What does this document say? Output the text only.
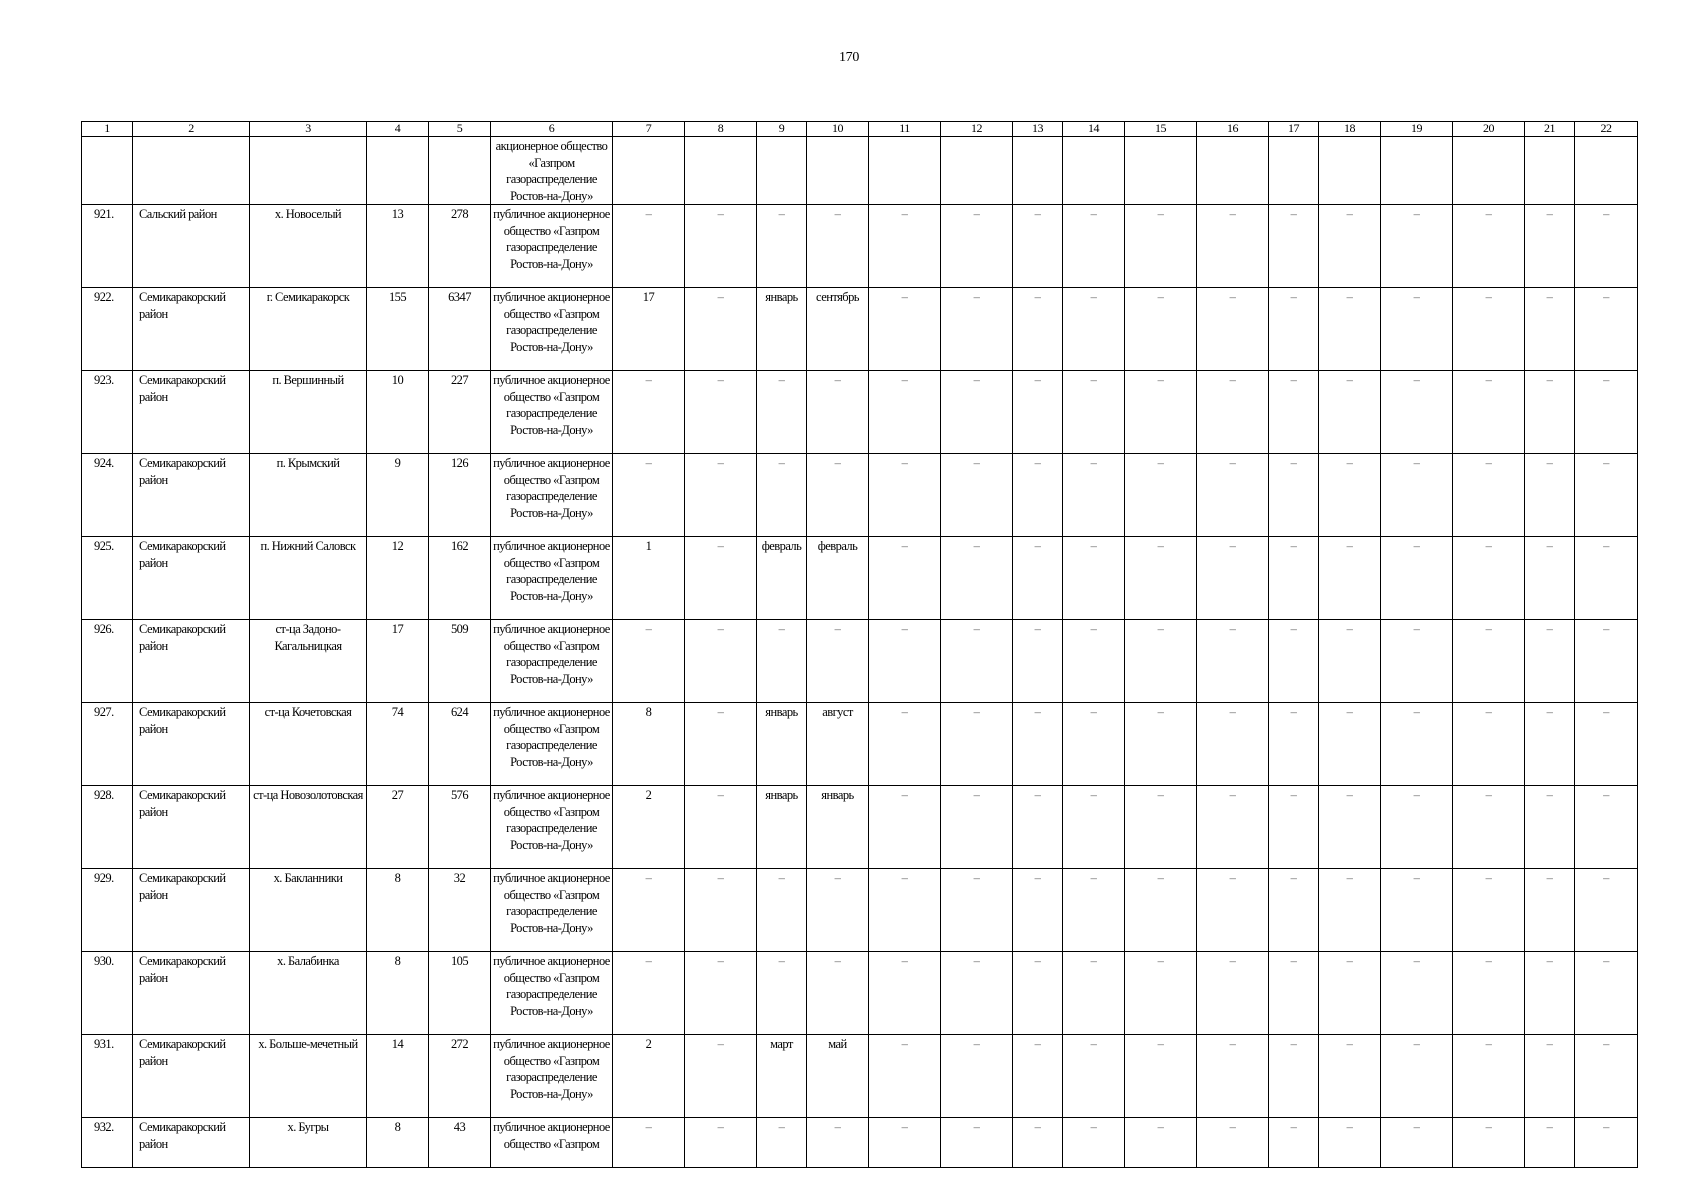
170
1	2	3	4	5	6	7	8	9	10	11	12	13	14	15	16	17	18	19	20	21	22
					акционерное общество «Газпром газораспределение Ростов-на-Дону»																
921.	Сальский район	х. Новоселый	13	278	публичное акционерное общество «Газпром газораспределение Ростов-на-Дону»	–	–	–	–	–	–	–	–	–	–	–	–	–	–	–	–
922.	Семикаракорский район	г. Семикаракорск	155	6347	публичное акционерное общество «Газпром газораспределение Ростов-на-Дону»	17	–	январь	сентябрь	–	–	–	–	–	–	–	–	–	–	–	–
923.	Семикаракорский район	п. Вершинный	10	227	публичное акционерное общество «Газпром газораспределение Ростов-на-Дону»	–	–	–	–	–	–	–	–	–	–	–	–	–	–	–	–
924.	Семикаракорский район	п. Крымский	9	126	публичное акционерное общество «Газпром газораспределение Ростов-на-Дону»	–	–	–	–	–	–	–	–	–	–	–	–	–	–	–	–
925.	Семикаракорский район	п. Нижний Саловск	12	162	публичное акционерное общество «Газпром газораспределение Ростов-на-Дону»	1	–	февраль	февраль	–	–	–	–	–	–	–	–	–	–	–	–
926.	Семикаракорский район	ст-ца Задоно-Кагальницкая	17	509	публичное акционерное общество «Газпром газораспределение Ростов-на-Дону»	–	–	–	–	–	–	–	–	–	–	–	–	–	–	–	–
927.	Семикаракорский район	ст-ца Кочетовская	74	624	публичное акционерное общество «Газпром газораспределение Ростов-на-Дону»	8	–	январь	август	–	–	–	–	–	–	–	–	–	–	–	–
928.	Семикаракорский район	ст-ца Новозолотовская	27	576	публичное акционерное общество «Газпром газораспределение Ростов-на-Дону»	2	–	январь	январь	–	–	–	–	–	–	–	–	–	–	–	–
929.	Семикаракорский район	х. Бакланники	8	32	публичное акционерное общество «Газпром газораспределение Ростов-на-Дону»	–	–	–	–	–	–	–	–	–	–	–	–	–	–	–	–
930.	Семикаракорский район	х. Балабинка	8	105	публичное акционерное общество «Газпром газораспределение Ростов-на-Дону»	–	–	–	–	–	–	–	–	–	–	–	–	–	–	–	–
931.	Семикаракорский район	х. Больше-мечетный	14	272	публичное акционерное общество «Газпром газораспределение Ростов-на-Дону»	2	–	март	май	–	–	–	–	–	–	–	–	–	–	–	–
932.	Семикаракорский район	х. Бугры	8	43	публичное акционерное общество «Газпром	–	–	–	–	–	–	–	–	–	–	–	–	–	–	–	–
